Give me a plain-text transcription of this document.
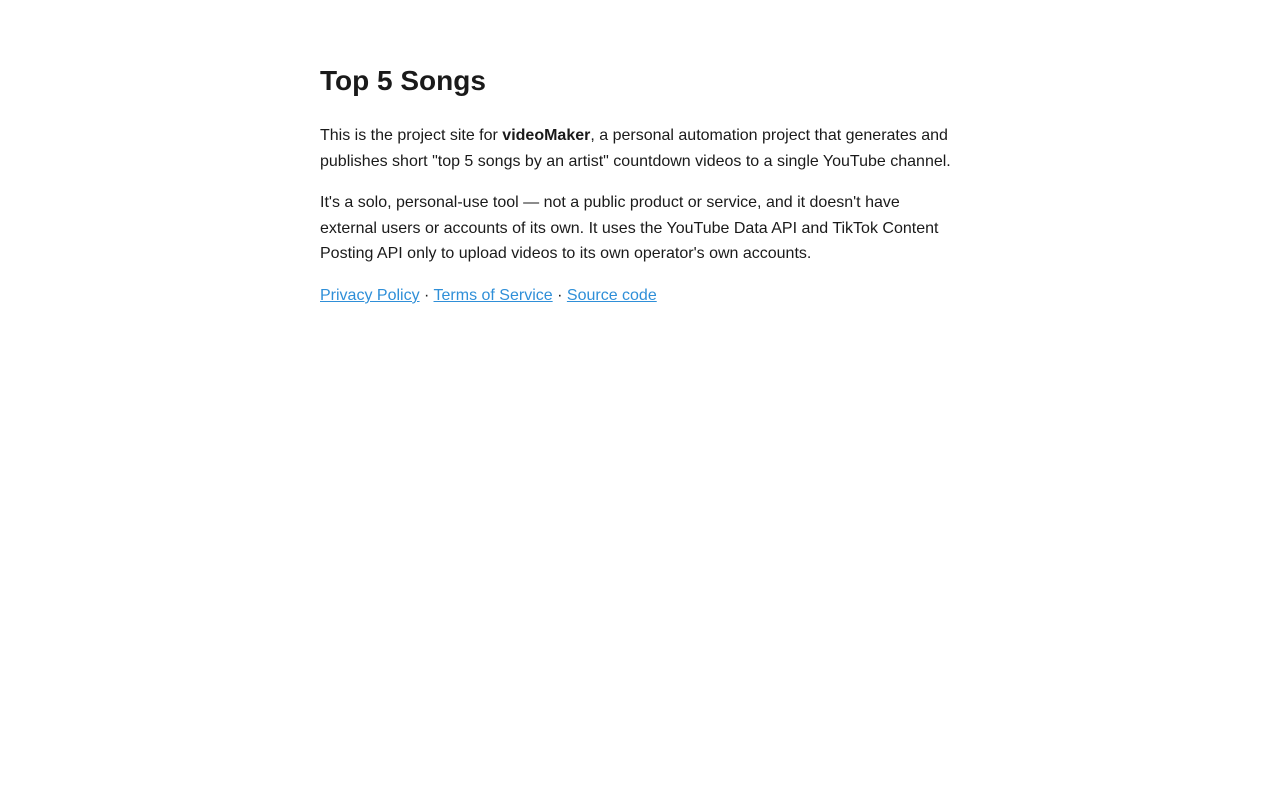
Top 5 Songs

This is the project site for videoMaker, a personal automation project that generates and publishes short "top 5 songs by an artist" countdown videos to a single YouTube channel.

It's a solo, personal-use tool — not a public product or service, and it doesn't have external users or accounts of its own. It uses the YouTube Data API and TikTok Content Posting API only to upload videos to its own operator's own accounts.

Privacy Policy · Terms of Service · Source code
